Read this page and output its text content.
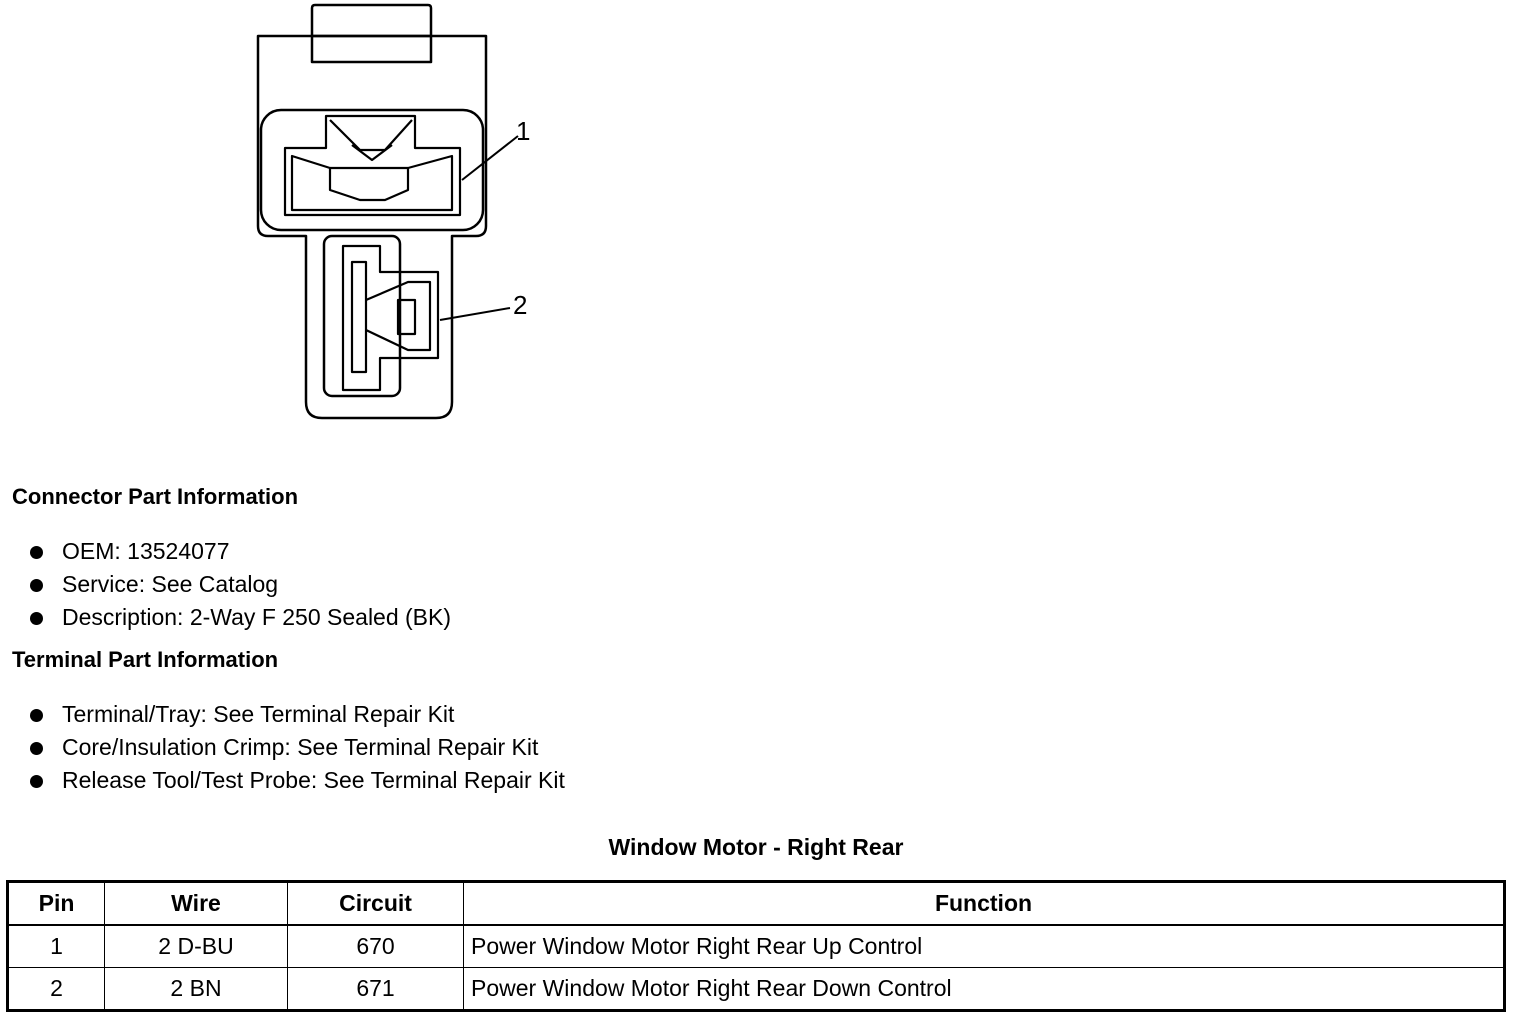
1
2
Connector Part Information
OEM: 13524077
Service: See Catalog
Description: 2-Way F 250 Sealed (BK)
Terminal Part Information
Terminal/Tray: See Terminal Repair Kit
Core/Insulation Crimp: See Terminal Repair Kit
Release Tool/Test Probe: See Terminal Repair Kit
Window Motor - Right Rear
Pin	Wire	Circuit	Function
1	2 D-BU	670	Power Window Motor Right Rear Up Control
2	2 BN	671	Power Window Motor Right Rear Down Control
